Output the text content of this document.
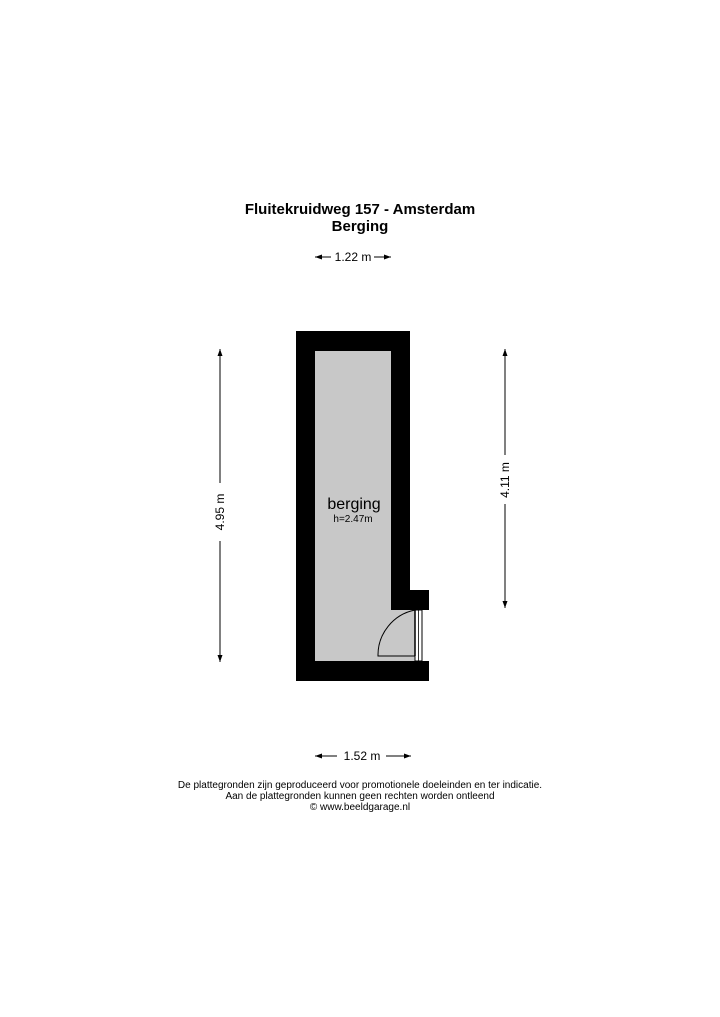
Fluitekruidweg 157 - Amsterdam
Berging
1.22 m
4.95 m
4.11 m
berging
h=2.47m
1.52 m
De plattegronden zijn geproduceerd voor promotionele doeleinden en ter indicatie.
Aan de plattegronden kunnen geen rechten worden ontleend
© www.beeldgarage.nl
